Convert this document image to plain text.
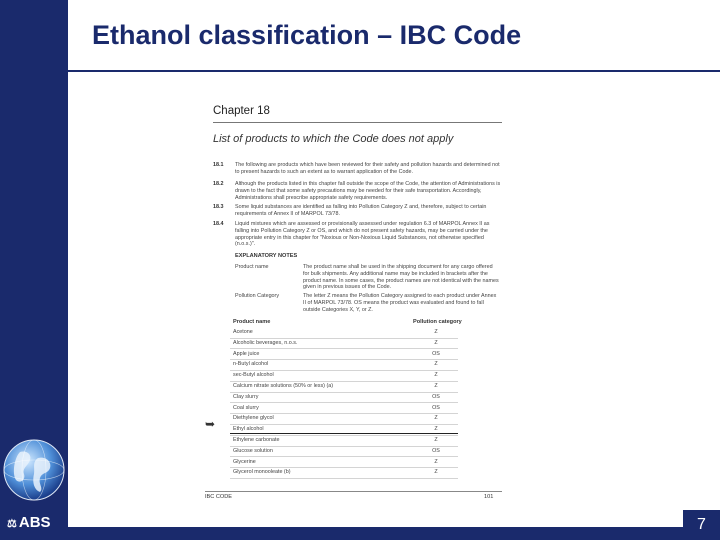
7
Ethanol classification – IBC Code
⚖ ABS
Chapter 18
List of products to which the Code does not apply
18.1 The following are products which have been reviewed for their safety and pollution hazards and determined not to present hazards to such an extent as to warrant application of the Code.
18.2 Although the products listed in this chapter fall outside the scope of the Code, the attention of Administrations is drawn to the fact that some safety precautions may be needed for their safe transportation. Accordingly, Administrations shall prescribe appropriate safety requirements.
18.3 Some liquid substances are identified as falling into Pollution Category Z and, therefore, subject to certain requirements of Annex II of MARPOL 73/78.
18.4 Liquid mixtures which are assessed or provisionally assessed under regulation 6.3 of MARPOL Annex II as falling into Pollution Category Z or OS, and which do not present safety hazards, may be carried under the appropriate entry in this chapter for "Noxious or Non-Noxious Liquid Substances, not otherwise specified (n.o.s.)".
EXPLANATORY NOTES
Product name	The product name shall be used in the shipping document for any cargo offered for bulk shipments. Any additional name may be included in brackets after the product name. In some cases, the product names are not identical with the names given in previous issues of the Code.
Pollution Category	The letter Z means the Pollution Category assigned to each product under Annex II of MARPOL 73/78. OS means the product was evaluated and found to fall outside Categories X, Y, or Z.
Product name	Pollution category
Acetone	Z
Alcoholic beverages, n.o.s.	Z
Apple juice	OS
n-Butyl alcohol	Z
sec-Butyl alcohol	Z
Calcium nitrate solutions (50% or less) (a)	Z
Clay slurry	OS
Coal slurry	OS
Diethylene glycol	Z
Ethyl alcohol	Z
Ethylene carbonate	Z
Glucose solution	OS
Glycerine	Z
Glycerol monooleate (b)	Z
➥
IBC CODE	101
